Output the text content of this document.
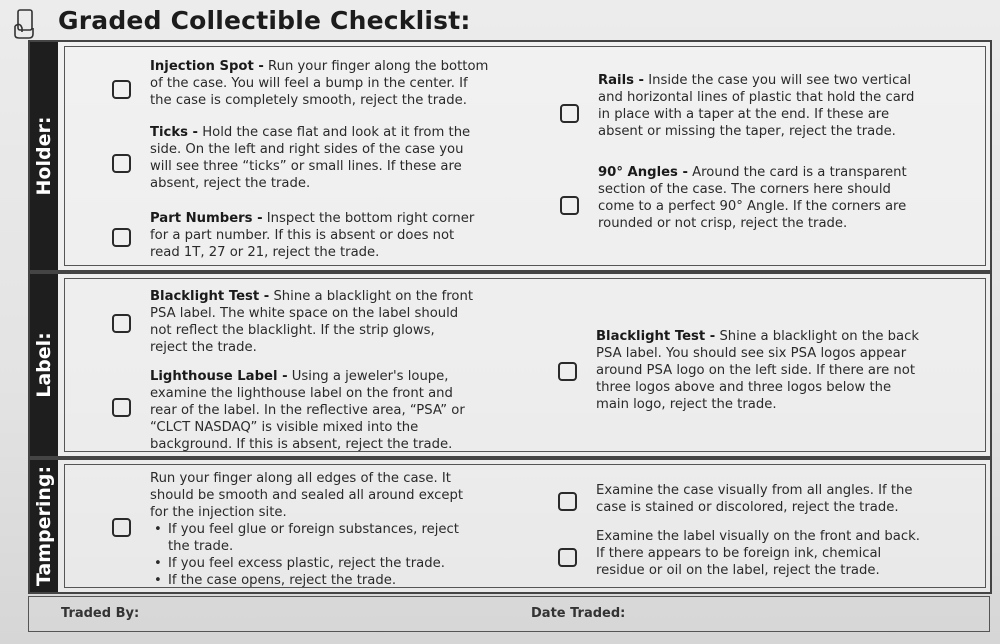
Graded Collectible Checklist:
Holder:
Injection Spot - Run your finger along the bottom
of the case. You will feel a bump in the center. If
the case is completely smooth, reject the trade.
Ticks - Hold the case flat and look at it from the
side. On the left and right sides of the case you
will see three “ticks” or small lines. If these are
absent, reject the trade.
Part Numbers - Inspect the bottom right corner
for a part number. If this is absent or does not
read 1T, 27 or 21, reject the trade.
Rails - Inside the case you will see two vertical
and horizontal lines of plastic that hold the card
in place with a taper at the end. If these are
absent or missing the taper, reject the trade.
90° Angles - Around the card is a transparent
section of the case. The corners here should
come to a perfect 90° Angle. If the corners are
rounded or not crisp, reject the trade.
Label:
Blacklight Test - Shine a blacklight on the front
PSA label. The white space on the label should
not reflect the blacklight. If the strip glows,
reject the trade.
Lighthouse Label - Using a jeweler's loupe,
examine the lighthouse label on the front and
rear of the label. In the reflective area, “PSA” or
“CLCT NASDAQ” is visible mixed into the
background. If this is absent, reject the trade.
Blacklight Test - Shine a blacklight on the back
PSA label. You should see six PSA logos appear
around PSA logo on the left side. If there are not
three logos above and three logos below the
main logo, reject the trade.
Tampering:	Run your finger along all edges of the case. It
should be smooth and sealed all around except
for the injection site.
• If you feel glue or foreign substances, reject
the trade.
• If you feel excess plastic, reject the trade.
• If the case opens, reject the trade.
Examine the case visually from all angles. If the
case is stained or discolored, reject the trade.
Examine the label visually on the front and back.
If there appears to be foreign ink, chemical
residue or oil on the label, reject the trade.
Traded By:	Date Traded:
